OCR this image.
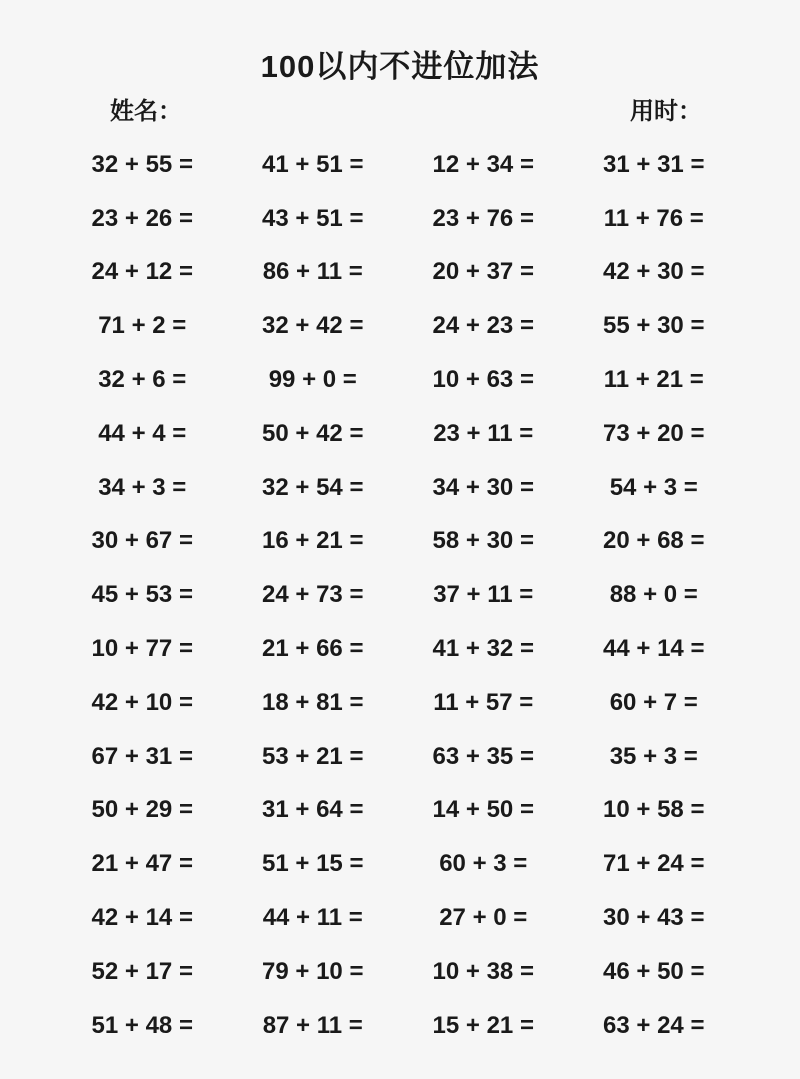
100以内不进位加法
姓名：	用时：
32 + 55 =	41 + 51 =	12 + 34 =	31 + 31 =
23 + 26 =	43 + 51 =	23 + 76 =	11 + 76 =
24 + 12 =	86 + 11 =	20 + 37 =	42 + 30 =
71 + 2 =	32 + 42 =	24 + 23 =	55 + 30 =
32 + 6 =	99 + 0 =	10 + 63 =	11 + 21 =
44 + 4 =	50 + 42 =	23 + 11 =	73 + 20 =
34 + 3 =	32 + 54 =	34 + 30 =	54 + 3 =
30 + 67 =	16 + 21 =	58 + 30 =	20 + 68 =
45 + 53 =	24 + 73 =	37 + 11 =	88 + 0 =
10 + 77 =	21 + 66 =	41 + 32 =	44 + 14 =
42 + 10 =	18 + 81 =	11 + 57 =	60 + 7 =
67 + 31 =	53 + 21 =	63 + 35 =	35 + 3 =
50 + 29 =	31 + 64 =	14 + 50 =	10 + 58 =
21 + 47 =	51 + 15 =	60 + 3 =	71 + 24 =
42 + 14 =	44 + 11 =	27 + 0 =	30 + 43 =
52 + 17 =	79 + 10 =	10 + 38 =	46 + 50 =
51 + 48 =	87 + 11 =	15 + 21 =	63 + 24 =
